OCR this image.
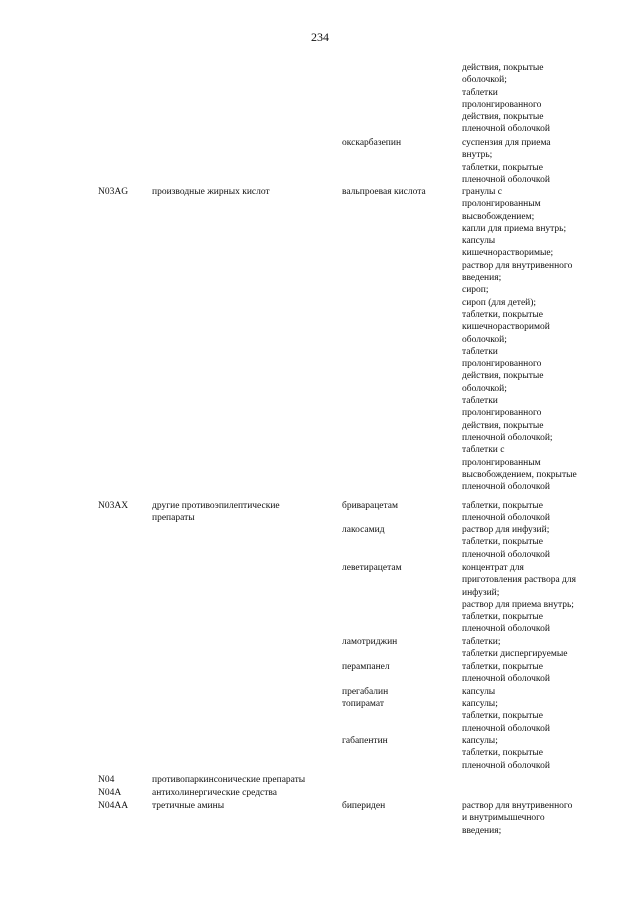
234
действия, покрытые
оболочкой;
таблетки
пролонгированного
действия, покрытые
пленочной оболочкой
окскарбазепин	суспензия для приема
внутрь;
таблетки, покрытые
пленочной оболочкой
N03AG	производные жирных кислот	вальпроевая кислота	гранулы с
пролонгированным
высвобождением;
капли для приема внутрь;
капсулы
кишечнорастворимые;
раствор для внутривенного
введения;
сироп;
сироп (для детей);
таблетки, покрытые
кишечнорастворимой
оболочкой;
таблетки
пролонгированного
действия, покрытые
оболочкой;
таблетки
пролонгированного
действия, покрытые
пленочной оболочкой;
таблетки с
пролонгированным
высвобождением, покрытые
пленочной оболочкой
N03AX	другие противоэпилептические
препараты
бриварацетам	таблетки, покрытые
пленочной оболочкой
лакосамид	раствор для инфузий;
таблетки, покрытые
пленочной оболочкой
леветирацетам	концентрат для
приготовления раствора для
инфузий;
раствор для приема внутрь;
таблетки, покрытые
пленочной оболочкой
ламотриджин	таблетки;
таблетки диспергируемые
перампанел	таблетки, покрытые
пленочной оболочкой
прегабалин	капсулы
топирамат	капсулы;
таблетки, покрытые
пленочной оболочкой
габапентин	капсулы;
таблетки, покрытые
пленочной оболочкой
N04	противопаркинсонические препараты
N04A	антихолинергические средства
N04AA	третичные амины	бипериден	раствор для внутривенного
и внутримышечного
введения;
